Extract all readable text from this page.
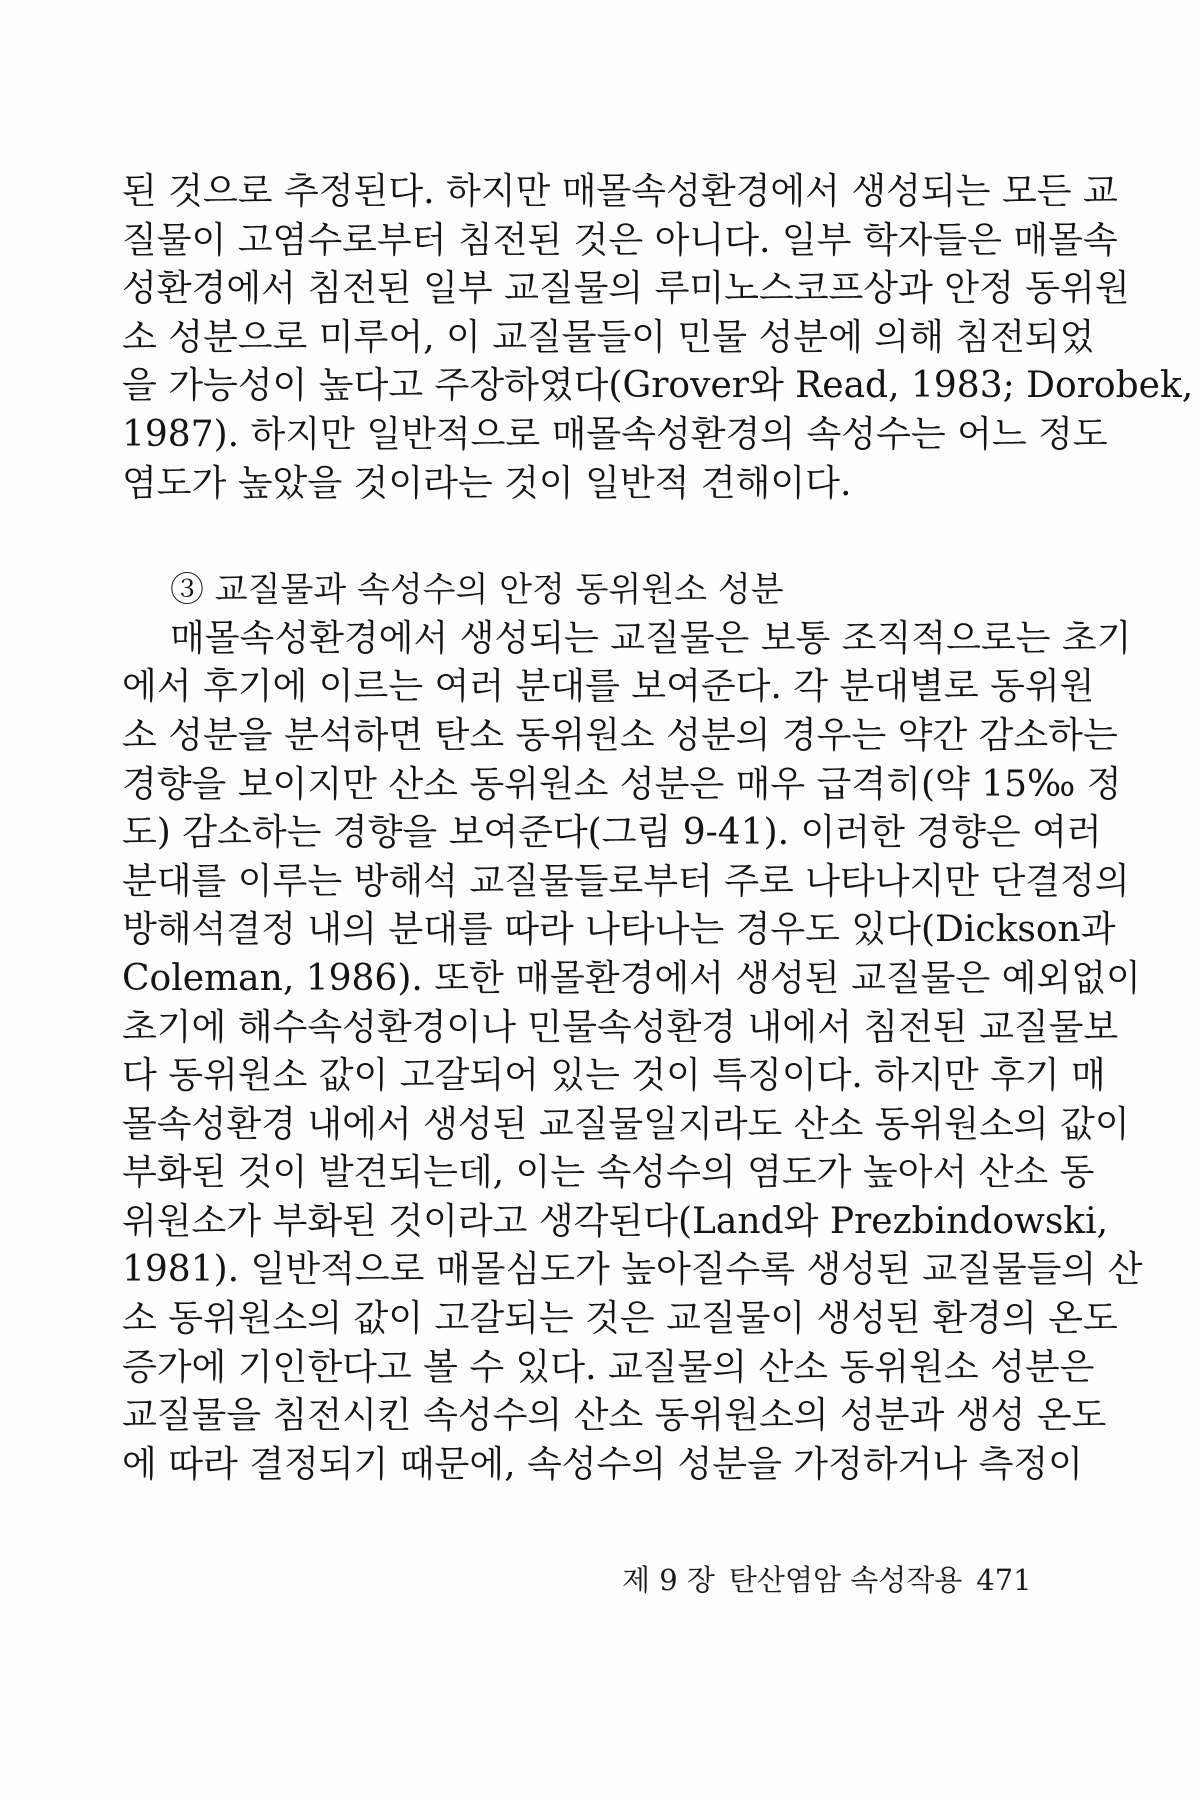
된 것으로 추정된다. 하지만 매몰속성환경에서 생성되는 모든 교
질물이 고염수로부터 침전된 것은 아니다. 일부 학자들은 매몰속
성환경에서 침전된 일부 교질물의 루미노스코프상과 안정 동위원
소 성분으로 미루어, 이 교질물들이 민물 성분에 의해 침전되었
을 가능성이 높다고 주장하였다(Grover와 Read, 1983; Dorobek,
1987). 하지만 일반적으로 매몰속성환경의 속성수는 어느 정도
염도가 높았을 것이라는 것이 일반적 견해이다.
③ 교질물과 속성수의 안정 동위원소 성분
매몰속성환경에서 생성되는 교질물은 보통 조직적으로는 초기
에서 후기에 이르는 여러 분대를 보여준다. 각 분대별로 동위원
소 성분을 분석하면 탄소 동위원소 성분의 경우는 약간 감소하는
경향을 보이지만 산소 동위원소 성분은 매우 급격히(약 15‰ 정
도) 감소하는 경향을 보여준다(그림 9-41). 이러한 경향은 여러
분대를 이루는 방해석 교질물들로부터 주로 나타나지만 단결정의
방해석결정 내의 분대를 따라 나타나는 경우도 있다(Dickson과
Coleman, 1986). 또한 매몰환경에서 생성된 교질물은 예외없이
초기에 해수속성환경이나 민물속성환경 내에서 침전된 교질물보
다 동위원소 값이 고갈되어 있는 것이 특징이다. 하지만 후기 매
몰속성환경 내에서 생성된 교질물일지라도 산소 동위원소의 값이
부화된 것이 발견되는데, 이는 속성수의 염도가 높아서 산소 동
위원소가 부화된 것이라고 생각된다(Land와 Prezbindowski,
1981). 일반적으로 매몰심도가 높아질수록 생성된 교질물들의 산
소 동위원소의 값이 고갈되는 것은 교질물이 생성된 환경의 온도
증가에 기인한다고 볼 수 있다. 교질물의 산소 동위원소 성분은
교질물을 침전시킨 속성수의 산소 동위원소의 성분과 생성 온도
에 따라 결정되기 때문에, 속성수의 성분을 가정하거나 측정이
제 9 장 탄산염암 속성작용 471
